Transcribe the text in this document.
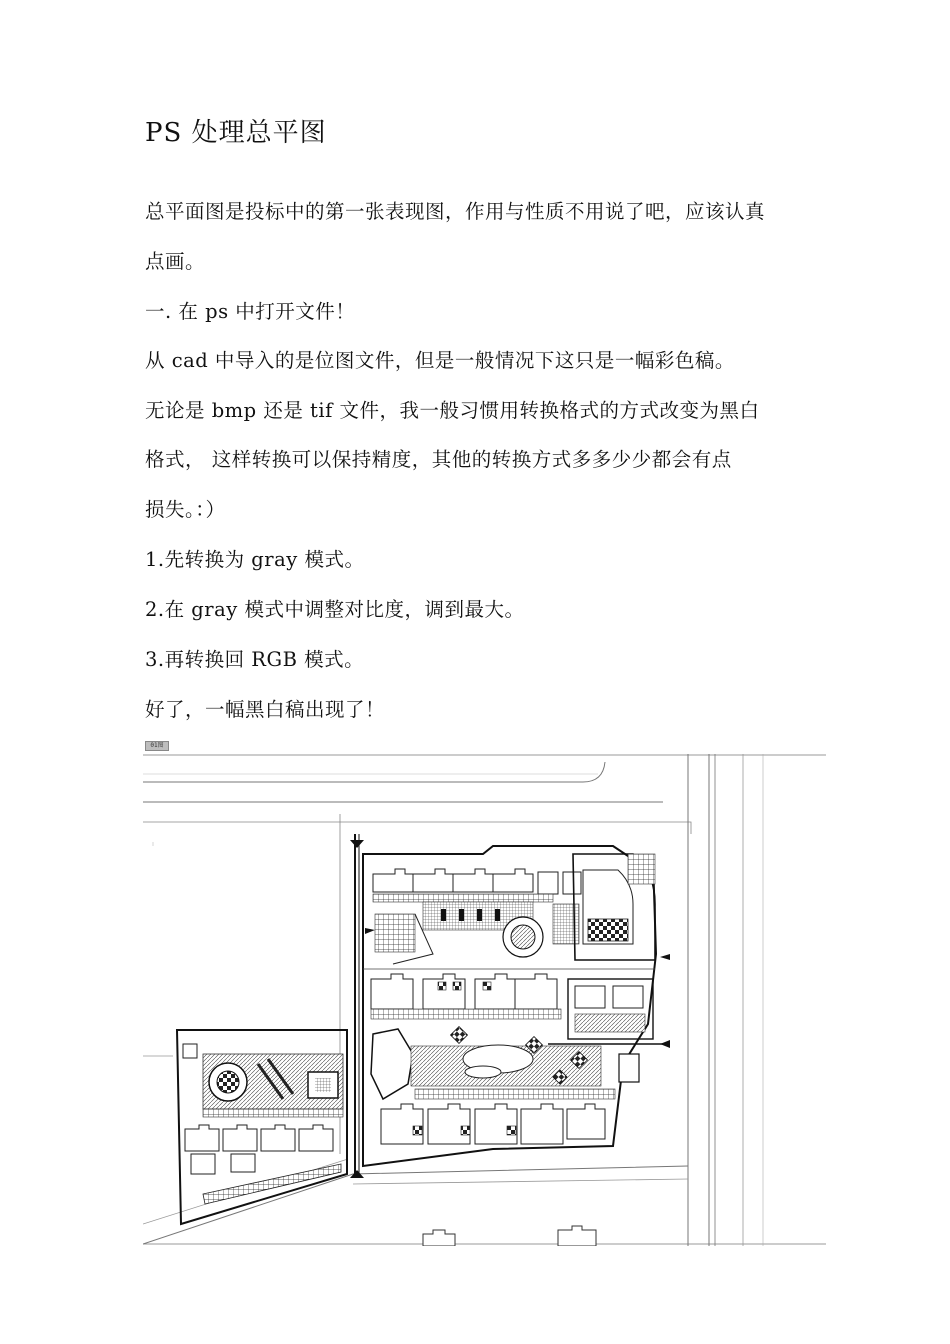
PS 处理总平图
总平面图是投标中的第一张表现图，作用与性质不用说了吧，应该认真
点画。
一. 在 ps 中打开文件！
从 cad 中导入的是位图文件，但是一般情况下这只是一幅彩色稿。
无论是 bmp 还是 tif 文件，我一般习惯用转换格式的方式改变为黑白
格式， 这样转换可以保持精度，其他的转换方式多多少少都会有点
损失。：）
1.先转换为 gray 模式。
2.在 gray 模式中调整对比度，调到最大。
3.再转换回 RGB 模式。
好了，一幅黑白稿出现了！
01图
